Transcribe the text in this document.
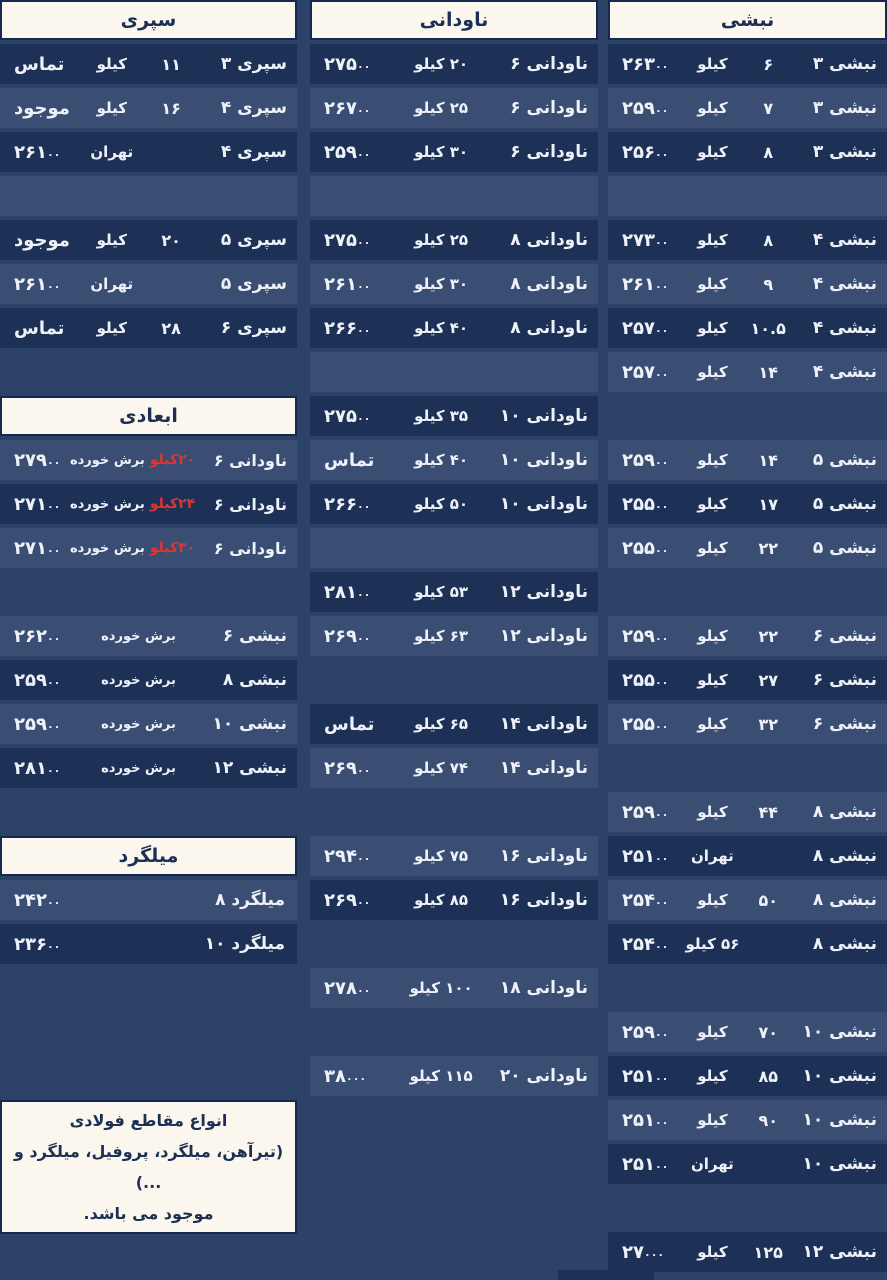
نبشی
نبشی ۳
۶
کیلو
۲۶۳۰۰
نبشی ۳
۷
کیلو
۲۵۹۰۰
نبشی ۳
۸
کیلو
۲۵۶۰۰
نبشی ۴
۸
کیلو
۲۷۳۰۰
نبشی ۴
۹
کیلو
۲۶۱۰۰
نبشی ۴
۱۰.۵
کیلو
۲۵۷۰۰
نبشی ۴
۱۴
کیلو
۲۵۷۰۰
نبشی ۵
۱۴
کیلو
۲۵۹۰۰
نبشی ۵
۱۷
کیلو
۲۵۵۰۰
نبشی ۵
۲۲
کیلو
۲۵۵۰۰
نبشی ۶
۲۲
کیلو
۲۵۹۰۰
نبشی ۶
۲۷
کیلو
۲۵۵۰۰
نبشی ۶
۳۲
کیلو
۲۵۵۰۰
نبشی ۸
۴۴
کیلو
۲۵۹۰۰
نبشی ۸
تهران
۲۵۱۰۰
نبشی ۸
۵۰
کیلو
۲۵۴۰۰
نبشی ۸
۵۶ کیلو
۲۵۴۰۰
نبشی ۱۰
۷۰
کیلو
۲۵۹۰۰
نبشی ۱۰
۸۵
کیلو
۲۵۱۰۰
نبشی ۱۰
۹۰
کیلو
۲۵۱۰۰
نبشی ۱۰
تهران
۲۵۱۰۰
نبشی ۱۲
۱۲۵
کیلو
۲۷۰۰۰
ناودانی
ناودانی ۶
۲۰ کیلو
۲۷۵۰۰
ناودانی ۶
۲۵ کیلو
۲۶۷۰۰
ناودانی ۶
۳۰ کیلو
۲۵۹۰۰
ناودانی ۸
۲۵ کیلو
۲۷۵۰۰
ناودانی ۸
۳۰ کیلو
۲۶۱۰۰
ناودانی ۸
۴۰ کیلو
۲۶۶۰۰
ناودانی ۱۰
۳۵ کیلو
۲۷۵۰۰
ناودانی ۱۰
۴۰ کیلو
تماس
ناودانی ۱۰
۵۰ کیلو
۲۶۶۰۰
ناودانی ۱۲
۵۳ کیلو
۲۸۱۰۰
ناودانی ۱۲
۶۳ کیلو
۲۶۹۰۰
ناودانی ۱۴
۶۵ کیلو
تماس
ناودانی ۱۴
۷۴ کیلو
۲۶۹۰۰
ناودانی ۱۶
۷۵ کیلو
۲۹۴۰۰
ناودانی ۱۶
۸۵ کیلو
۲۶۹۰۰
ناودانی ۱۸
۱۰۰ کیلو
۲۷۸۰۰
ناودانی ۲۰
۱۱۵ کیلو
۳۸۰۰۰
سپری
سپری ۳
۱۱
کیلو
تماس
سپری ۴
۱۶
کیلو
موجود
سپری ۴
تهران
۲۶۱۰۰
سپری ۵
۲۰
کیلو
موجود
سپری ۵
تهران
۲۶۱۰۰
سپری ۶
۲۸
کیلو
تماس
ابعادی
ناودانی ۶
۲۰کیلوبرش خورده
۲۷۹۰۰
ناودانی ۶
۲۴کیلوبرش خورده
۲۷۱۰۰
ناودانی ۶
۳۰کیلوبرش خورده
۲۷۱۰۰
نبشی ۶
برش خورده
۲۶۲۰۰
نبشی ۸
برش خورده
۲۵۹۰۰
نبشی ۱۰
برش خورده
۲۵۹۰۰
نبشی ۱۲
برش خورده
۲۸۱۰۰
میلگرد
میلگرد ۸
۲۴۲۰۰
میلگرد ۱۰
۲۳۶۰۰
انواع مقاطع فولادی
(تیرآهن، میلگرد، پروفیل، میلگرد و ...)
موجود می باشد.
